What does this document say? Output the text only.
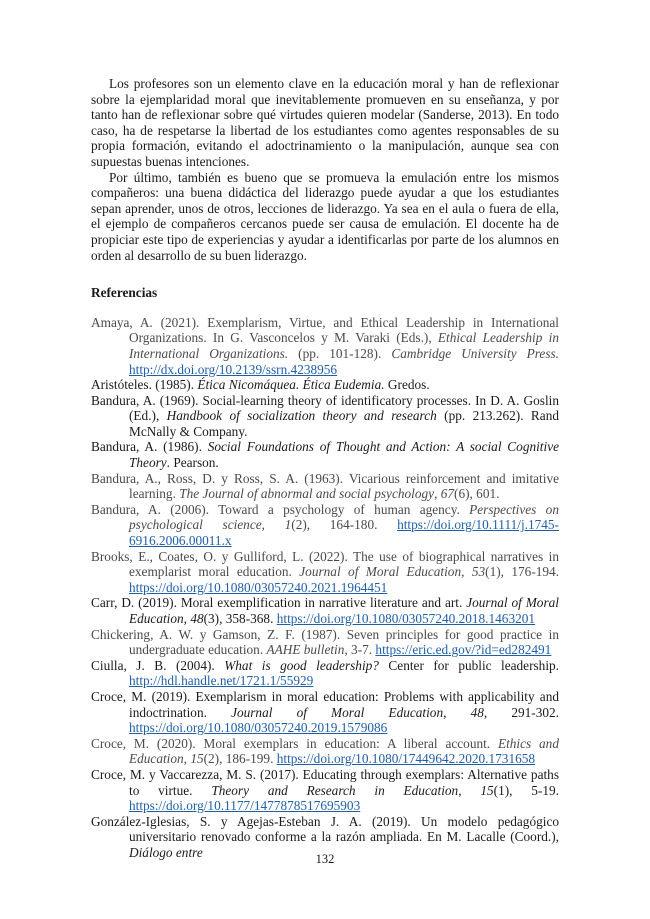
Los profesores son un elemento clave en la educación moral y han de reflexionar sobre la ejemplaridad moral que inevitablemente promueven en su enseñanza, y por tanto han de reflexionar sobre qué virtudes quieren modelar (Sanderse, 2013). En todo caso, ha de respetarse la libertad de los estudiantes como agentes responsables de su propia formación, evitando el adoctrinamiento o la manipulación, aunque sea con supuestas buenas intenciones.

Por último, también es bueno que se promueva la emulación entre los mismos compañeros: una buena didáctica del liderazgo puede ayudar a que los estudiantes sepan aprender, unos de otros, lecciones de liderazgo. Ya sea en el aula o fuera de ella, el ejemplo de compañeros cercanos puede ser causa de emulación. El docente ha de propiciar este tipo de experiencias y ayudar a identificarlas por parte de los alumnos en orden al desarrollo de su buen liderazgo.

Referencias

Amaya, A. (2021). Exemplarism, Virtue, and Ethical Leadership in International Organizations. In G. Vasconcelos y M. Varaki (Eds.), Ethical Leadership in International Organizations. (pp. 101-128). Cambridge University Press. http://dx.doi.org/10.2139/ssrn.4238956

Aristóteles. (1985). Ética Nicomáquea. Ética Eudemia. Gredos.

Bandura, A. (1969). Social-learning theory of identificatory processes. In D. A. Goslin (Ed.), Handbook of socialization theory and research (pp. 213.262). Rand McNally & Company.

Bandura, A. (1986). Social Foundations of Thought and Action: A social Cognitive Theory. Pearson.

Bandura, A., Ross, D. y Ross, S. A. (1963). Vicarious reinforcement and imitative learning. The Journal of abnormal and social psychology, 67(6), 601.

Bandura, A. (2006). Toward a psychology of human agency. Perspectives on psychological science, 1(2), 164-180. https://doi.org/10.1111/j.1745-6916.2006.00011.x

Brooks, E., Coates, O. y Gulliford, L. (2022). The use of biographical narratives in exemplarist moral education. Journal of Moral Education, 53(1), 176-194. https://doi.org/10.1080/03057240.2021.1964451

Carr, D. (2019). Moral exemplification in narrative literature and art. Journal of Moral Education, 48(3), 358-368. https://doi.org/10.1080/03057240.2018.1463201

Chickering, A. W. y Gamson, Z. F. (1987). Seven principles for good practice in undergraduate education. AAHE bulletin, 3-7. https://eric.ed.gov/?id=ed282491

Ciulla, J. B. (2004). What is good leadership? Center for public leadership. http://hdl.handle.net/1721.1/55929

Croce, M. (2019). Exemplarism in moral education: Problems with applicability and indoctrination. Journal of Moral Education, 48, 291-302. https://doi.org/10.1080/03057240.2019.1579086

Croce, M. (2020). Moral exemplars in education: A liberal account. Ethics and Education, 15(2), 186-199. https://doi.org/10.1080/17449642.2020.1731658

Croce, M. y Vaccarezza, M. S. (2017). Educating through exemplars: Alternative paths to virtue. Theory and Research in Education, 15(1), 5-19. https://doi.org/10.1177/1477878517695903

González-Iglesias, S. y Agejas-Esteban J. A. (2019). Un modelo pedagógico universitario renovado conforme a la razón ampliada. En M. Lacalle (Coord.), Diálogo entre	132
